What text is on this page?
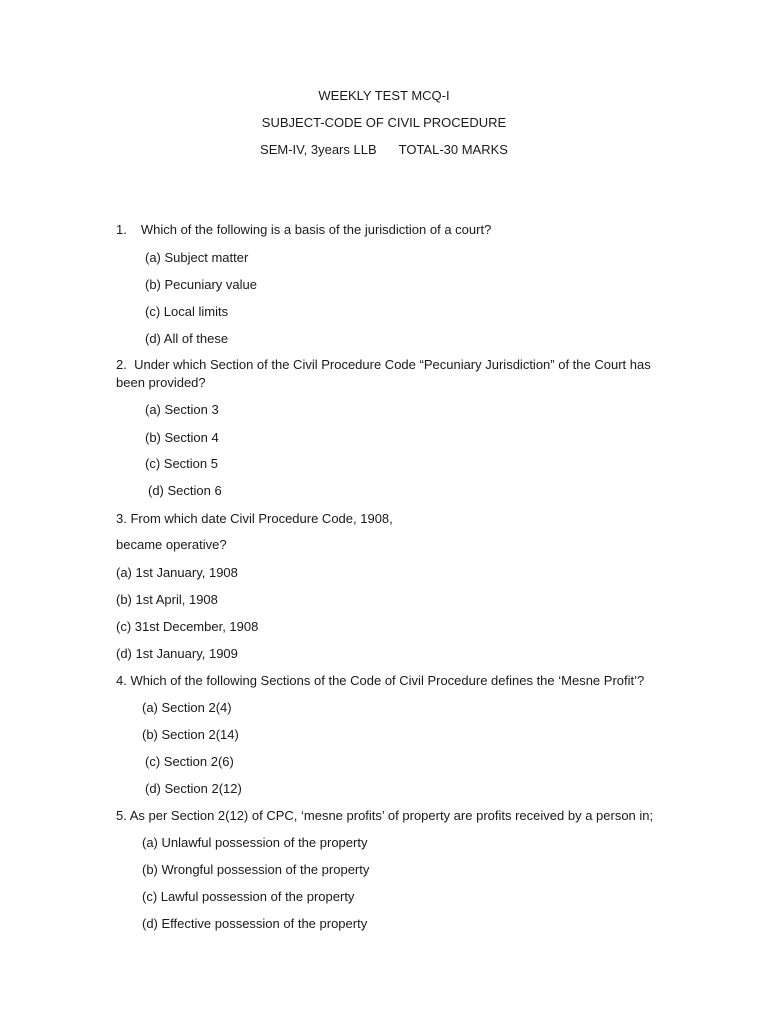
WEEKLY TEST MCQ-I
SUBJECT-CODE OF CIVIL PROCEDURE
SEM-IV, 3years LLB TOTAL-30 MARKS
1. Which of the following is a basis of the jurisdiction of a court?
(a) Subject matter
(b) Pecuniary value
(c) Local limits
(d) All of these
2. Under which Section of the Civil Procedure Code “Pecuniary Jurisdiction” of the Court has
been provided?
(a) Section 3
(b) Section 4
(c) Section 5
(d) Section 6
3. From which date Civil Procedure Code, 1908,
became operative?
(a) 1st January, 1908
(b) 1st April, 1908
(c) 31st December, 1908
(d) 1st January, 1909
4. Which of the following Sections of the Code of Civil Procedure defines the ‘Mesne Profit’?
(a) Section 2(4)
(b) Section 2(14)
(c) Section 2(6)
(d) Section 2(12)
5. As per Section 2(12) of CPC, ‘mesne profits’ of property are profits received by a person in;
(a) Unlawful possession of the property
(b) Wrongful possession of the property
(c) Lawful possession of the property
(d) Effective possession of the property
